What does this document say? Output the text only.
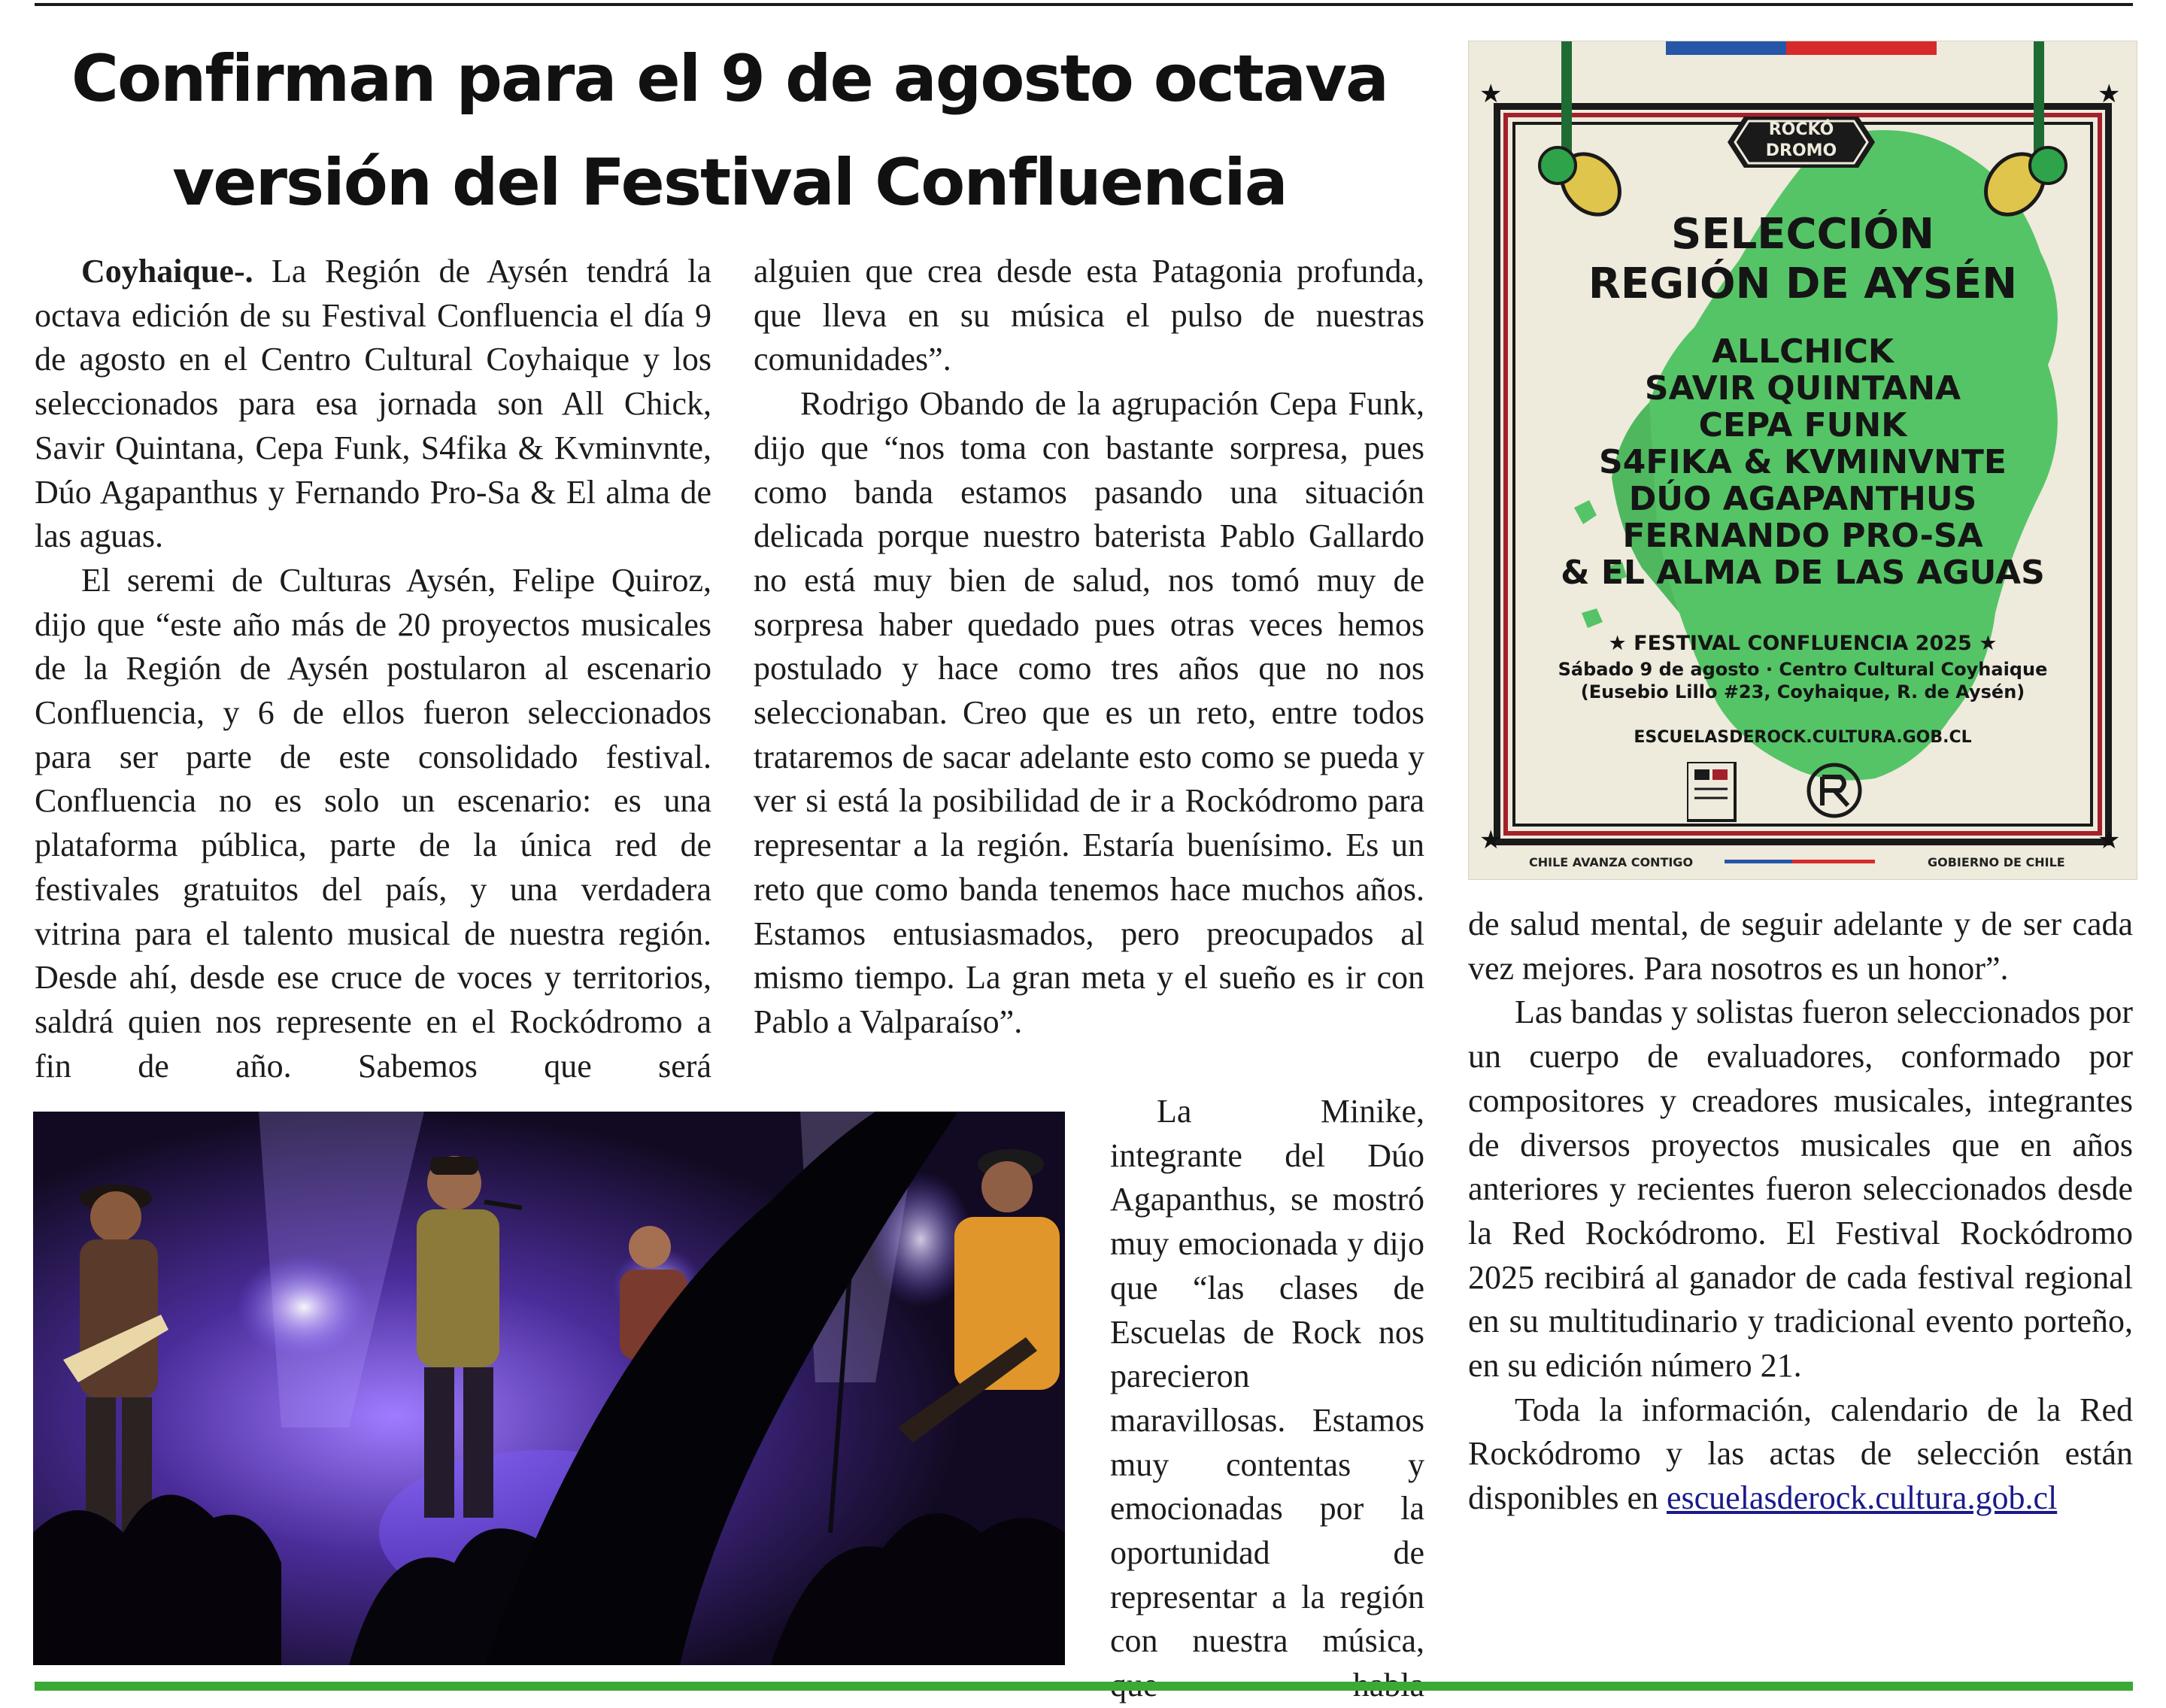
Confirman para el 9 de agosto octava versión del Festival Confluencia

Coyhaique-. La Región de Aysén tendrá la octava edición de su Festival Confluencia el día 9 de agosto en el Centro Cultural Coyhaique y los seleccionados para esa jornada son All Chick, Savir Quintana, Cepa Funk, S4fika & Kvminvnte, Dúo Agapanthus y Fernando Pro-Sa & El alma de las aguas.

El seremi de Culturas Aysén, Felipe Quiroz, dijo que “este año más de 20 proyectos musicales de la Región de Aysén postularon al escenario Confluencia, y 6 de ellos fueron seleccionados para ser parte de este consolidado festival. Confluencia no es solo un escenario: es una plataforma pública, parte de la única red de festivales gratuitos del país, y una verdadera vitrina para el talento musical de nuestra región. Desde ahí, desde ese cruce de voces y territorios, saldrá quien nos represente en el Rockódromo a fin de año. Sabemos que será

alguien que crea desde esta Patagonia profunda, que lleva en su música el pulso de nuestras comunidades”.

Rodrigo Obando de la agrupación Cepa Funk, dijo que “nos toma con bastante sorpresa, pues como banda estamos pasando una situación delicada porque nuestro baterista Pablo Gallardo no está muy bien de salud, nos tomó muy de sorpresa haber quedado pues otras veces hemos postulado y hace como tres años que no nos seleccionaban. Creo que es un reto, entre todos trataremos de sacar adelante esto como se pueda y ver si está la posibilidad de ir a Rockódromo para representar a la región. Estaría buenísimo. Es un reto que como banda tenemos hace muchos años. Estamos entusiasmados, pero preocupados al mismo tiempo. La gran meta y el sueño es ir con Pablo a Valparaíso”.

La Minike, integrante del Dúo Agapanthus, se mostró muy emocionada y dijo que “las clases de Escuelas de Rock nos parecieron maravillosas. Estamos muy contentas y emocionadas por la oportunidad de representar a la región con nuestra música,

de salud mental, de seguir adelante y de ser cada vez mejores. Para nosotros es un honor”.

Las bandas y solistas fueron seleccionados por un cuerpo de evaluadores, conformado por compositores y creadores musicales, integrantes de diversos proyectos musicales que en años anteriores y recientes fueron seleccionados desde la Red Rockódromo. El Festival Rockódromo 2025 recibirá al ganador de cada festival regional en su multitudinario y tradicional evento porteño, en su edición número 21.

Toda la información, calendario de la Red Rockódromo y las actas de selección están disponibles en escuelasderock.cultura.gob.cl

ROCKÓ
DROMO
SELECCIÓN
REGIÓN DE AYSÉN
ALLCHICK
SAVIR QUINTANA
CEPA FUNK
S4FIKA & KVMINVNTE
DÚO AGAPANTHUS
FERNANDO PRO-SA
& EL ALMA DE LAS AGUAS
★ FESTIVAL CONFLUENCIA 2025 ★
Sábado 9 de agosto · Centro Cultural Coyhaique
(Eusebio Lillo #23, Coyhaique, R. de Aysén)
ESCUELASDEROCK.CULTURA.GOB.CL
★	★
★	★
CHILE AVANZA CONTIGO	GOBIERNO DE CHILE
